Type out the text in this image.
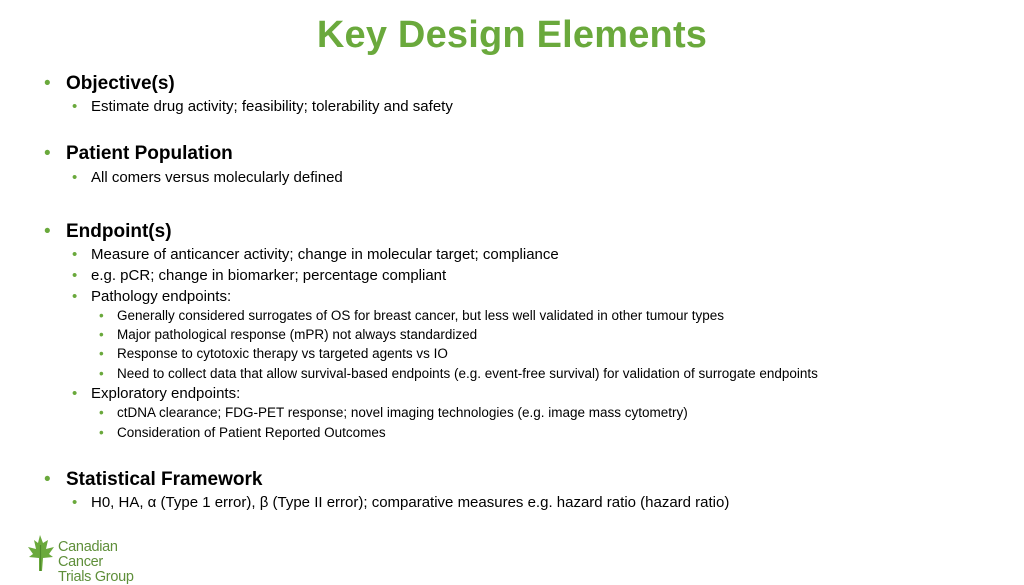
Key Design Elements
• Objective(s)
• Estimate drug activity; feasibility; tolerability and safety
• Patient Population
• All comers versus molecularly defined
• Endpoint(s)
• Measure of anticancer activity; change in molecular target; compliance
• e.g. pCR; change in biomarker; percentage compliant
• Pathology endpoints:
• Generally considered surrogates of OS for breast cancer, but less well validated in other tumour types
• Major pathological response (mPR) not always standardized
• Response to cytotoxic therapy vs targeted agents vs IO
• Need to collect data that allow survival-based endpoints (e.g. event-free survival) for validation of surrogate endpoints
• Exploratory endpoints:
• ctDNA clearance; FDG-PET response; novel imaging technologies (e.g. image mass cytometry)
• Consideration of Patient Reported Outcomes
• Statistical Framework
• H0, HA, α (Type 1 error), β (Type II error); comparative measures e.g. hazard ratio (hazard ratio)
Canadian Cancer
Trials Group
